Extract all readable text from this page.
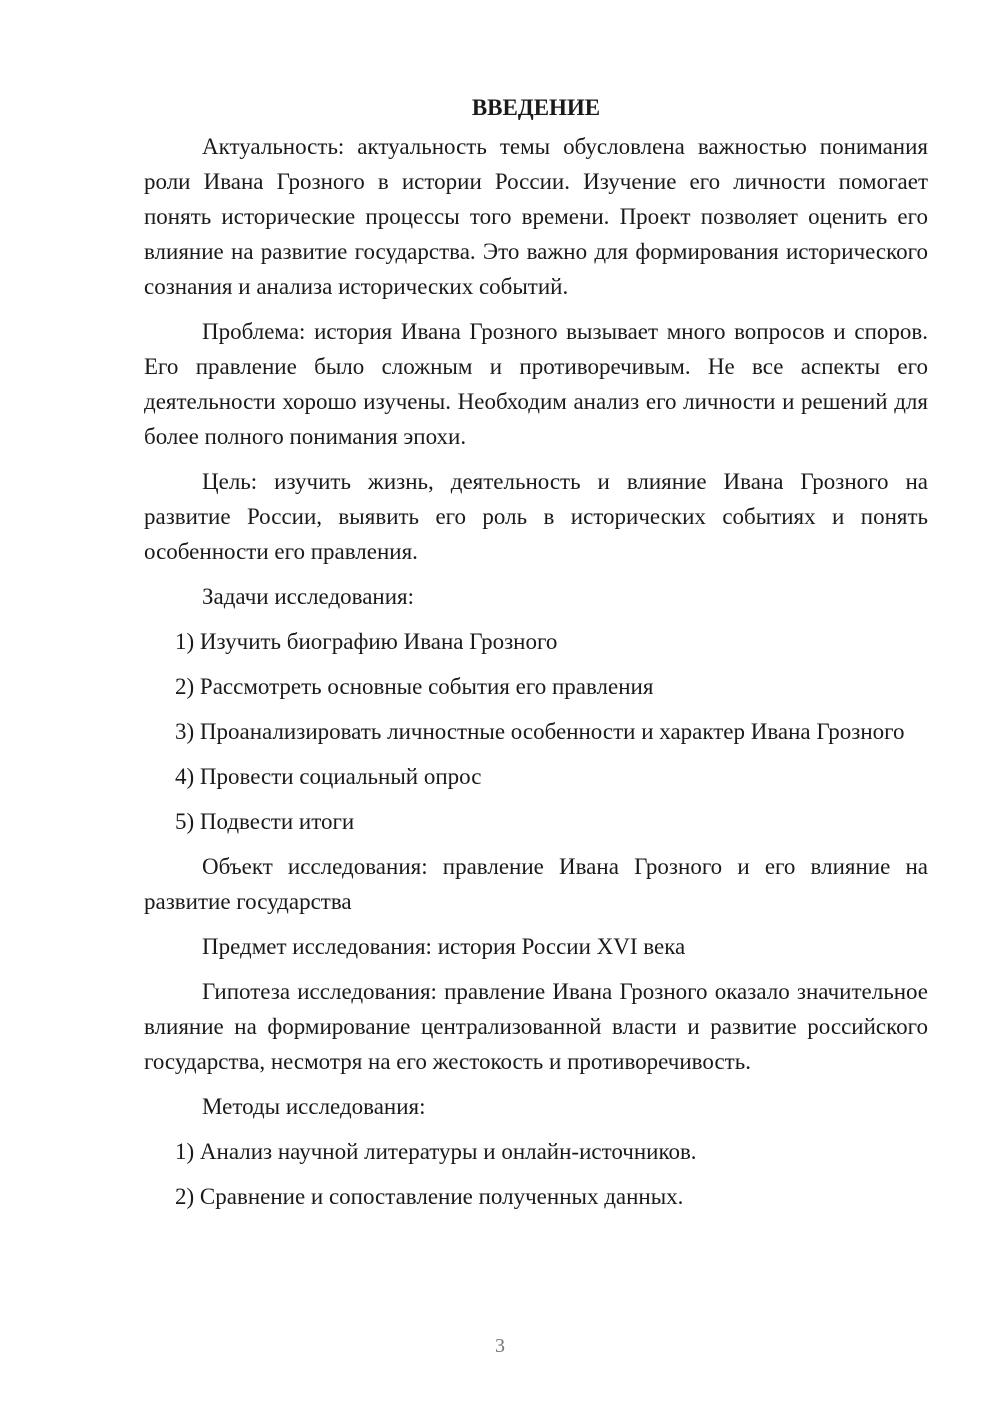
ВВЕДЕНИЕ
Актуальность: актуальность темы обусловлена важностью понимания роли Ивана Грозного в истории России. Изучение его личности помогает понять исторические процессы того времени. Проект позволяет оценить его влияние на развитие государства. Это важно для формирования исторического сознания и анализа исторических событий.
Проблема: история Ивана Грозного вызывает много вопросов и споров. Его правление было сложным и противоречивым. Не все аспекты его деятельности хорошо изучены. Необходим анализ его личности и решений для более полного понимания эпохи.
Цель: изучить жизнь, деятельность и влияние Ивана Грозного на развитие России, выявить его роль в исторических событиях и понять особенности его правления.
Задачи исследования:
1) Изучить биографию Ивана Грозного
2) Рассмотреть основные события его правления
3) Проанализировать личностные особенности и характер Ивана Грозного
4) Провести социальный опрос
5) Подвести итоги
Объект исследования: правление Ивана Грозного и его влияние на развитие государства
Предмет исследования: история России XVI века
Гипотеза исследования: правление Ивана Грозного оказало значительное влияние на формирование централизованной власти и развитие российского государства, несмотря на его жестокость и противоречивость.
Методы исследования:
1) Анализ научной литературы и онлайн-источников.
2) Сравнение и сопоставление полученных данных.
3
